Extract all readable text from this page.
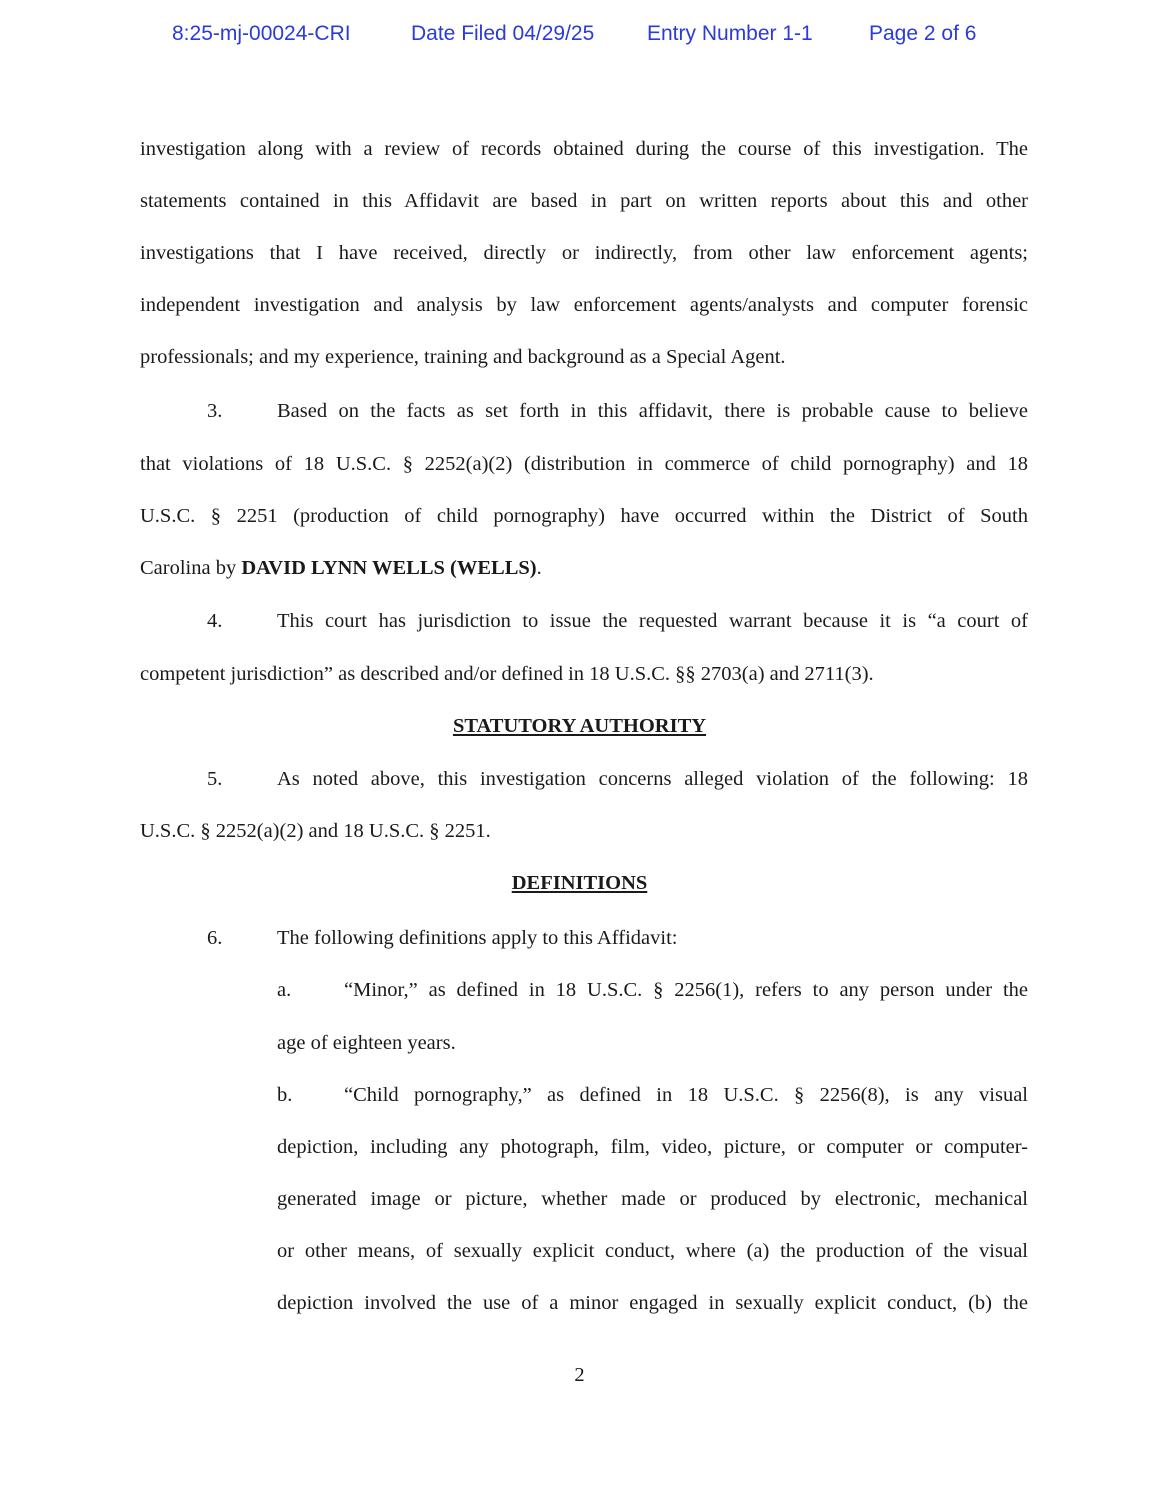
8:25-mj-00024-CRI	Date Filed 04/29/25	Entry Number 1-1	Page 2 of 6
investigation along with a review of records obtained during the course of this investigation. The
statements contained in this Affidavit are based in part on written reports about this and other
investigations that I have received, directly or indirectly, from other law enforcement agents;
independent investigation and analysis by law enforcement agents/analysts and computer forensic
professionals; and my experience, training and background as a Special Agent.
3.	Based on the facts as set forth in this affidavit, there is probable cause to believe
that violations of 18 U.S.C. § 2252(a)(2) (distribution in commerce of child pornography) and 18
U.S.C. § 2251 (production of child pornography) have occurred within the District of South
Carolina by DAVID LYNN WELLS (WELLS).
4.	This court has jurisdiction to issue the requested warrant because it is “a court of
competent jurisdiction” as described and/or defined in 18 U.S.C. §§ 2703(a) and 2711(3).
STATUTORY AUTHORITY
5.	As noted above, this investigation concerns alleged violation of the following: 18
U.S.C. § 2252(a)(2) and 18 U.S.C. § 2251.
DEFINITIONS
6.	The following definitions apply to this Affidavit:
a.	“Minor,” as defined in 18 U.S.C. § 2256(1), refers to any person under the
age of eighteen years.
b.	“Child pornography,” as defined in 18 U.S.C. § 2256(8), is any visual
depiction, including any photograph, film, video, picture, or computer or computer-
generated image or picture, whether made or produced by electronic, mechanical
or other means, of sexually explicit conduct, where (a) the production of the visual
depiction involved the use of a minor engaged in sexually explicit conduct, (b) the
2
